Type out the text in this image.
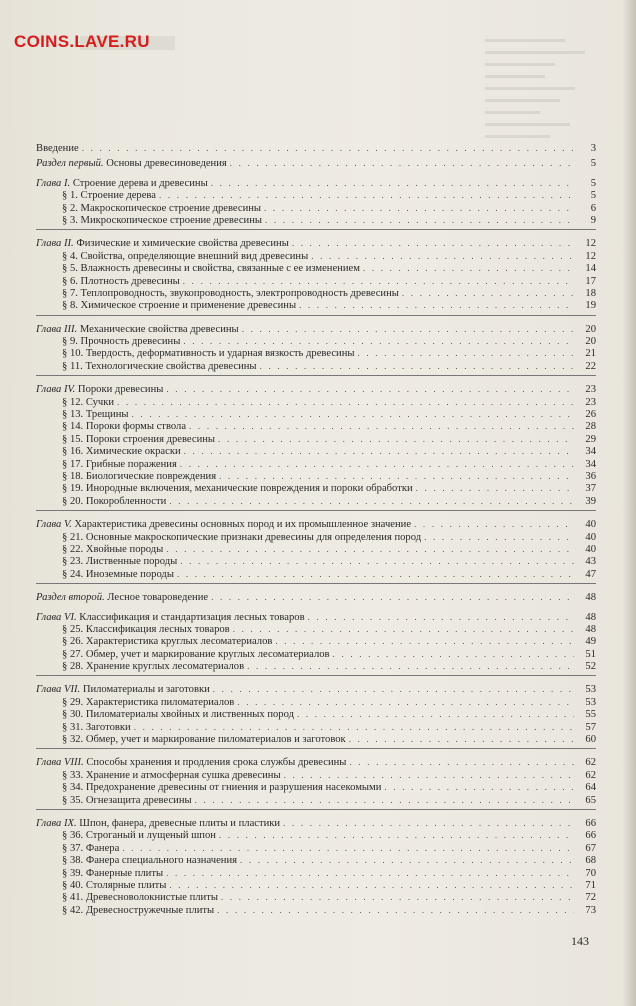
COINS.LAVE.RU
Введение . . .	3
Раздел первый. Основы древесиноведения . . .	5
Глава I. Строение дерева и древесины . . .	5
§ 1. Строение дерева . . .	5
§ 2. Макроскопическое строение древесины . . .	6
§ 3. Микроскопическое строение древесины . . .	9
Глава II. Физические и химические свойства древесины . . .	12
§ 4. Свойства, определяющие внешний вид древесины . . .	12
§ 5. Влажность древесины и свойства, связанные с ее изменением . . .	14
§ 6. Плотность древесины . . .	17
§ 7. Теплопроводность, звукопроводность, электропроводность древесины . . .	18
§ 8. Химическое строение и применение древесины . . .	19
Глава III. Механические свойства древесины . . .	20
§ 9. Прочность древесины . . .	20
§ 10. Твердость, деформативность и ударная вязкость древесины . . .	21
§ 11. Технологические свойства древесины . . .	22
Глава IV. Пороки древесины . . .	23
§ 12. Сучки . . .	23
§ 13. Трещины . . .	26
§ 14. Пороки формы ствола . . .	28
§ 15. Пороки строения древесины . . .	29
§ 16. Химические окраски . . .	34
§ 17. Грибные поражения . . .	34
§ 18. Биологические повреждения . . .	36
§ 19. Инородные включения, механические повреждения и пороки обработки . . .	37
§ 20. Покоробленности . . .	39
Глава V. Характеристика древесины основных пород и их промышленное значение . . .	40
§ 21. Основные макроскопические признаки древесины для определения пород . . .	40
§ 22. Хвойные породы . . .	40
§ 23. Лиственные породы . . .	43
§ 24. Иноземные породы . . .	47
Раздел второй. Лесное товароведение . . .	48
Глава VI. Классификация и стандартизация лесных товаров . . .	48
§ 25. Классификация лесных товаров . . .	48
§ 26. Характеристика круглых лесоматериалов . . .	49
§ 27. Обмер, учет и маркирование круглых лесоматериалов . . .	51
§ 28. Хранение круглых лесоматериалов . . .	52
Глава VII. Пиломатериалы и заготовки . . .	53
§ 29. Характеристика пиломатериалов . . .	53
§ 30. Пиломатериалы хвойных и лиственных пород . . .	55
§ 31. Заготовки . . .	57
§ 32. Обмер, учет и маркирование пиломатериалов и заготовок . . .	60
Глава VIII. Способы хранения и продления срока службы древесины . . .	62
§ 33. Хранение и атмосферная сушка древесины . . .	62
§ 34. Предохранение древесины от гниения и разрушения насекомыми . . .	64
§ 35. Огнезащита древесины . . .	65
Глава IX. Шпон, фанера, древесные плиты и пластики . . .	66
§ 36. Строганый и лущеный шпон . . .	66
§ 37. Фанера . . .	67
§ 38. Фанера специального назначения . . .	68
§ 39. Фанерные плиты . . .	70
§ 40. Столярные плиты . . .	71
§ 41. Древесноволокнистые плиты . . .	72
§ 42. Древесностружечные плиты . . .	73
143
